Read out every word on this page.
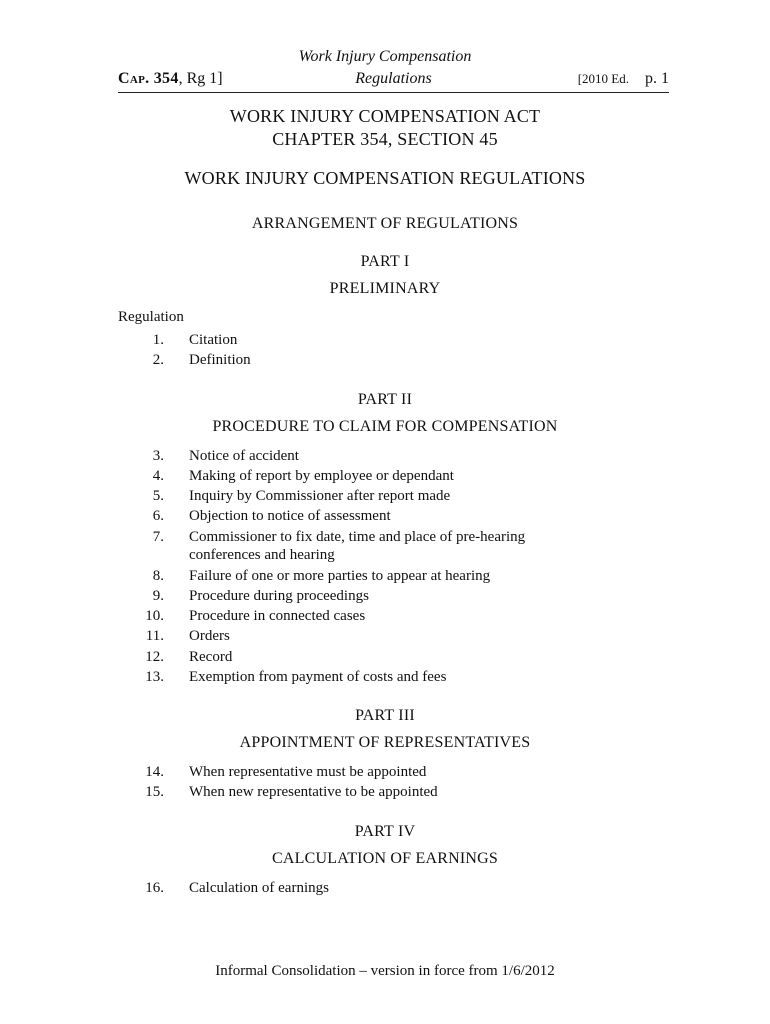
Work Injury Compensation
Cap. 354, Rg 1]	Regulations	[2010 Ed. p. 1
WORK INJURY COMPENSATION ACT
CHAPTER 354, SECTION 45
WORK INJURY COMPENSATION REGULATIONS
ARRANGEMENT OF REGULATIONS
PART I
PRELIMINARY
Regulation
1. Citation
2. Definition
PART II
PROCEDURE TO CLAIM FOR COMPENSATION
3. Notice of accident
4. Making of report by employee or dependant
5. Inquiry by Commissioner after report made
6. Objection to notice of assessment
7. Commissioner to fix date, time and place of pre-hearing
conferences and hearing
8. Failure of one or more parties to appear at hearing
9. Procedure during proceedings
10. Procedure in connected cases
11. Orders
12. Record
13. Exemption from payment of costs and fees
PART III
APPOINTMENT OF REPRESENTATIVES
14. When representative must be appointed
15. When new representative to be appointed
PART IV
CALCULATION OF EARNINGS
16. Calculation of earnings
Informal Consolidation – version in force from 1/6/2012
